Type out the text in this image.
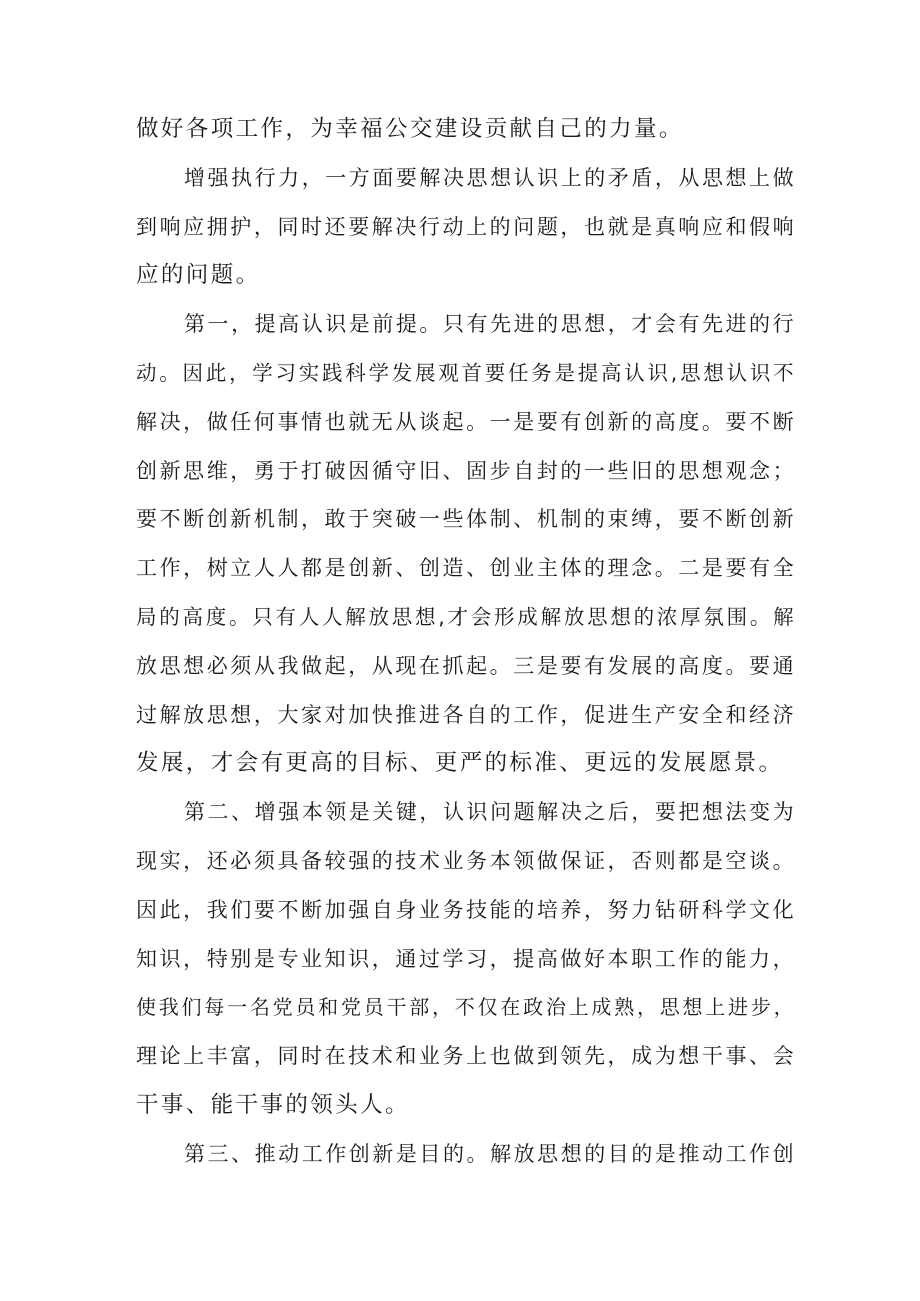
做好各项工作，为幸福公交建设贡献自己的力量。
增强执行力，一方面要解决思想认识上的矛盾，从思想上做
到响应拥护，同时还要解决行动上的问题，也就是真响应和假响
应的问题。
第一，提高认识是前提。只有先进的思想，才会有先进的行
动。因此，学习实践科学发展观首要任务是提高认识,思想认识不
解决，做任何事情也就无从谈起。一是要有创新的高度。要不断
创新思维，勇于打破因循守旧、固步自封的一些旧的思想观念；
要不断创新机制，敢于突破一些体制、机制的束缚，要不断创新
工作，树立人人都是创新、创造、创业主体的理念。二是要有全
局的高度。只有人人解放思想,才会形成解放思想的浓厚氛围。解
放思想必须从我做起，从现在抓起。三是要有发展的高度。要通
过解放思想，大家对加快推进各自的工作，促进生产安全和经济
发展，才会有更高的目标、更严的标准、更远的发展愿景。
第二、增强本领是关键，认识问题解决之后，要把想法变为
现实，还必须具备较强的技术业务本领做保证，否则都是空谈。
因此，我们要不断加强自身业务技能的培养，努力钻研科学文化
知识，特别是专业知识，通过学习，提高做好本职工作的能力，
使我们每一名党员和党员干部，不仅在政治上成熟，思想上进步，
理论上丰富，同时在技术和业务上也做到领先，成为想干事、会
干事、能干事的领头人。
第三、推动工作创新是目的。解放思想的目的是推动工作创
